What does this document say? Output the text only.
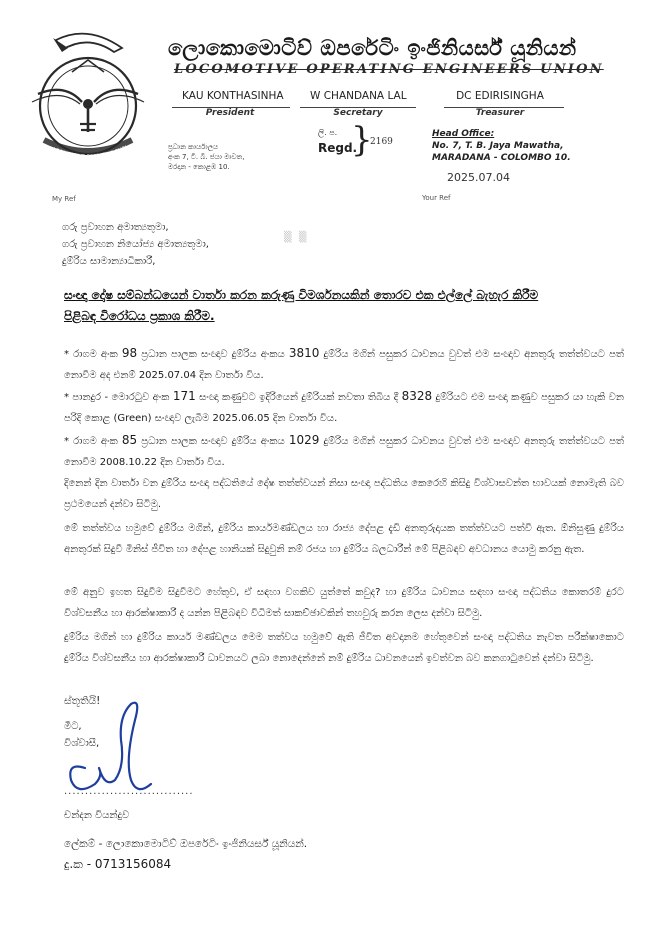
LOCOMOTIVE OPERATING ENGI
ලොකොමොටිව් ඔපරේටිං ඉංජිනියර්ස් යූනියන්
LOCOMOTIVE OPERATING ENGINEERS UNION
KAU KONTHASINHA
President
W CHANDANA LAL
Secretary
DC EDIRISINGHA
Treasurer
ප්‍රධාන කාර්යාලය
අංක 7, ටී. බී. ජයා මාවත,
මරදාන - කොළඹ 10.
ලි. ප.
Regd.
}
2169
Head Office:
No. 7, T. B. Jaya Mawatha,
MARADANA - COLOMBO 10.
2025.07.04
My Ref	Your Ref
ගරු ප්‍රවාහන අමාත්‍යතුමා,
ගරු ප්‍රවාහන නියෝජ්‍ය අමාත්‍යතුමා,
දුම්රිය සාමාන්‍යාධිකාරී,
▒ ▒
සංඥා දෝෂ සම්බන්ධයෙන් වාර්තා කරන කරුණු විමර්ශනයකින් තොරව එක එල්ලේ බැහැර කිරීම
පිළිබඳ විරෝධය ප්‍රකාශ කිරීම.
* රාගම අංක 98 ප්‍රධාන පාලක සංඥාව දුම්රිය අංකය 3810 දුම්රිය මගින් පසුකර ධාවනය වුවත් එම සංඥාව අනතුරු තත්ත්වයට පත් නොවීම අද එනම් 2025.07.04 දින වාර්තා විය.
* පානදුර - මොරටුව අංක 171 සංඥා කණුවට ඉදිරියෙන් දුම්රියක් නවතා තිබිය දී 8328 දුම්රියට එම සංඥා කණුව පසුකර යා හැකි වන පරිදි කොළ (Green) සංඥාව ලැබීම 2025.06.05 දින වාර්තා විය.
* රාගම අංක 85 ප්‍රධාන පාලක සංඥාව දුම්රිය අංකය 1029 දුම්රිය මගින් පසුකර ධාවනය වුවත් එම සංඥාව අනතුරු තත්ත්වයට පත් නොවීම 2008.10.22 දින වාර්තා විය.
දිනෙන් දින වාර්තා වන දුම්රිය සංඥා පද්ධතියේ දෝෂ තත්ත්වයන් නිසා සංඥා පද්ධතිය කෙරෙහි කිසිදු විශ්වාසවන්ත භාවයක් නොමැති බව ප්‍රථමයෙන් දන්වා සිටිමු.
මේ තත්ත්වය හමුවේ දුම්රිය මගින්, දුම්රිය කාර්යමණ්ඩලය හා රාජ්‍ය දේපළ දැඩි අනතුරුදායක තත්ත්වයට පත්වී ඇත. ඕනිසුණු දුම්රිය අනතුරක් සිදුවී මිනිස් ජීවිත හා දේපළ හානියක් සිදුවුනි නම් රජය හා දුම්රිය බලධාරීන් මේ පිළිබඳව අවධානය යොමු කරනු ඇත.
මේ අනුව ඉහත සිදුවීම සිදුවීමට හේතුව, ඒ සඳහා වගකිව යුත්තේ කවුද? හා දුම්රිය ධාවනය සඳහා සංඥා පද්ධතිය කොතරම් දුරට විශ්වසනීය හා ආරක්ෂාකාරී ද යන්න පිළිබඳව විධිමත් සාකච්ඡාවකින් තහවුරු කරන ලෙස දන්වා සිටිමු.
දුම්රිය මගින් හා දුම්රිය කාර්ය මණ්ඩලය මෙම තත්වය හමුවේ ඇති ජීවිත අවදානම හේතුවෙන් සංඥා පද්ධතිය නැවත පරීක්ෂාකොට දුම්රිය විශ්වසනීය හා ආරක්ෂාකාරී ධාවනයට ලබා නොදෙන්නේ නම් දුම්රිය ධාවනයෙන් ඉවත්වන බව කනගාටුවෙන් දන්වා සිටිමු.
ස්තූතියි!
මීට,
විශ්වාසී,
...............................
චන්දන වියන්දුව
ලේකම් - ලොකොමොටිව් ඔපරේටිං ඉංජිනියර්ස් යූනියන්.
දු.ක - 0713156084
